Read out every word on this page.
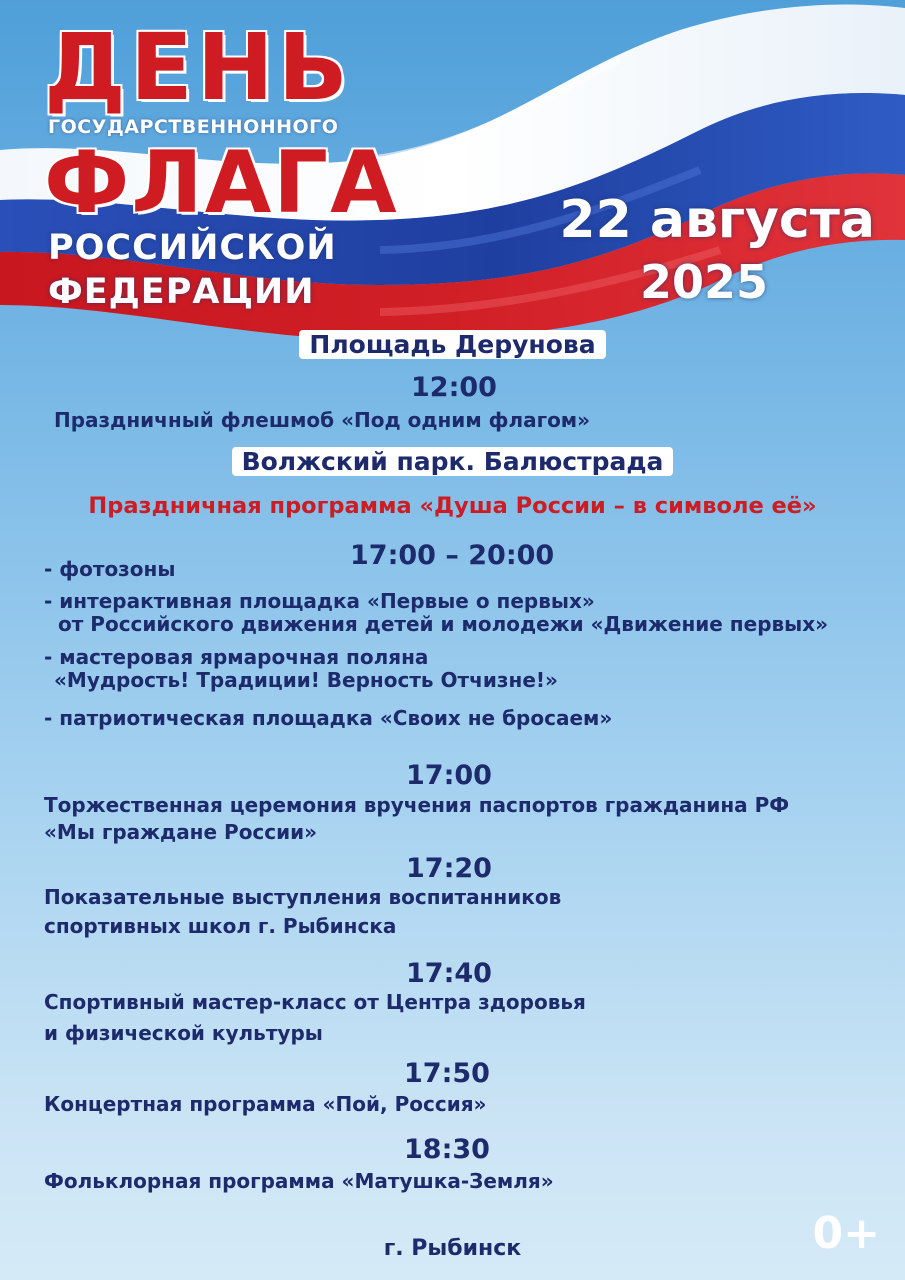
ДЕНЬ
ГОСУДАРСТВЕННОННОГО
ФЛАГА
РОССИЙСКОЙ
ФЕДЕРАЦИИ
22 августа
2025
Площадь Дерунова
12:00
Праздничный флешмоб «Под одним флагом»
Волжский парк. Балюстрада
Праздничная программа «Душа России – в символе её»
17:00 – 20:00
- фотозоны
- интерактивная площадка «Первые о первых»
от Российского движения детей и молодежи «Движение первых»
- мастеровая ярмарочная поляна
«Мудрость! Традиции! Верность Отчизне!»
- патриотическая площадка «Своих не бросаем»
17:00
Торжественная церемония вручения паспортов гражданина РФ
«Мы граждане России»
17:20
Показательные выступления воспитанников
спортивных школ г. Рыбинска
17:40
Спортивный мастер-класс от Центра здоровья
и физической культуры
17:50
Концертная программа «Пой, Россия»
18:30
Фольклорная программа «Матушка-Земля»
0+
г. Рыбинск
